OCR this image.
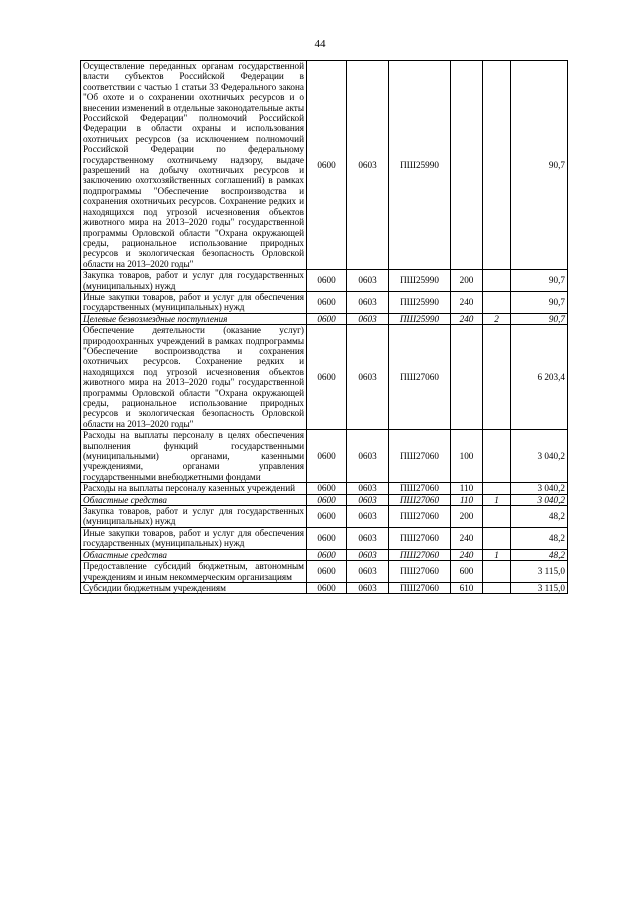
44
Осуществление переданных органам государственной власти субъектов Российской Федерации в соответствии с частью 1 статьи 33 Федерального закона "Об охоте и о сохранении охотничьих ресурсов и о внесении изменений в отдельные законодательные акты Российской Федерации" полномочий Российской Федерации в области охраны и использования охотничьих ресурсов (за исключением полномочий Российской Федерации по федеральному государственному охотничьему надзору, выдаче разрешений на добычу охотничьих ресурсов и заключению охотхозяйственных соглашений) в рамках подпрограммы "Обеспечение воспроизводства и сохранения охотничьих ресурсов. Сохранение редких и находящихся под угрозой исчезновения объектов животного мира на 2013–2020 годы" государственной программы Орловской области "Охрана окружающей среды, рациональное использование природных ресурсов и экологическая безопасность Орловской области на 2013–2020 годы"	0600	0603	ПШ25990			90,7
Закупка товаров, работ и услуг для государственных (муниципальных) нужд	0600	0603	ПШ25990	200		90,7
Иные закупки товаров, работ и услуг для обеспечения государственных (муниципальных) нужд	0600	0603	ПШ25990	240		90,7
Целевые безвозмездные поступления	0600	0603	ПШ25990	240	2	90,7
Обеспечение деятельности (оказание услуг) природоохранных учреждений в рамках подпрограммы "Обеспечение воспроизводства и сохранения охотничьих ресурсов. Сохранение редких и находящихся под угрозой исчезновения объектов животного мира на 2013–2020 годы" государственной программы Орловской области "Охрана окружающей среды, рациональное использование природных ресурсов и экологическая безопасность Орловской области на 2013–2020 годы"	0600	0603	ПШ27060			6 203,4
Расходы на выплаты персоналу в целях обеспечения выполнения функций государственными (муниципальными) органами, казенными учреждениями, органами управления государственными внебюджетными фондами	0600	0603	ПШ27060	100		3 040,2
Расходы на выплаты персоналу казенных учреждений	0600	0603	ПШ27060	110		3 040,2
Областные средства	0600	0603	ПШ27060	110	1	3 040,2
Закупка товаров, работ и услуг для государственных (муниципальных) нужд	0600	0603	ПШ27060	200		48,2
Иные закупки товаров, работ и услуг для обеспечения государственных (муниципальных) нужд	0600	0603	ПШ27060	240		48,2
Областные средства	0600	0603	ПШ27060	240	1	48,2
Предоставление субсидий бюджетным, автономным учреждениям и иным некоммерческим организациям	0600	0603	ПШ27060	600		3 115,0
Субсидии бюджетным учреждениям	0600	0603	ПШ27060	610		3 115,0
